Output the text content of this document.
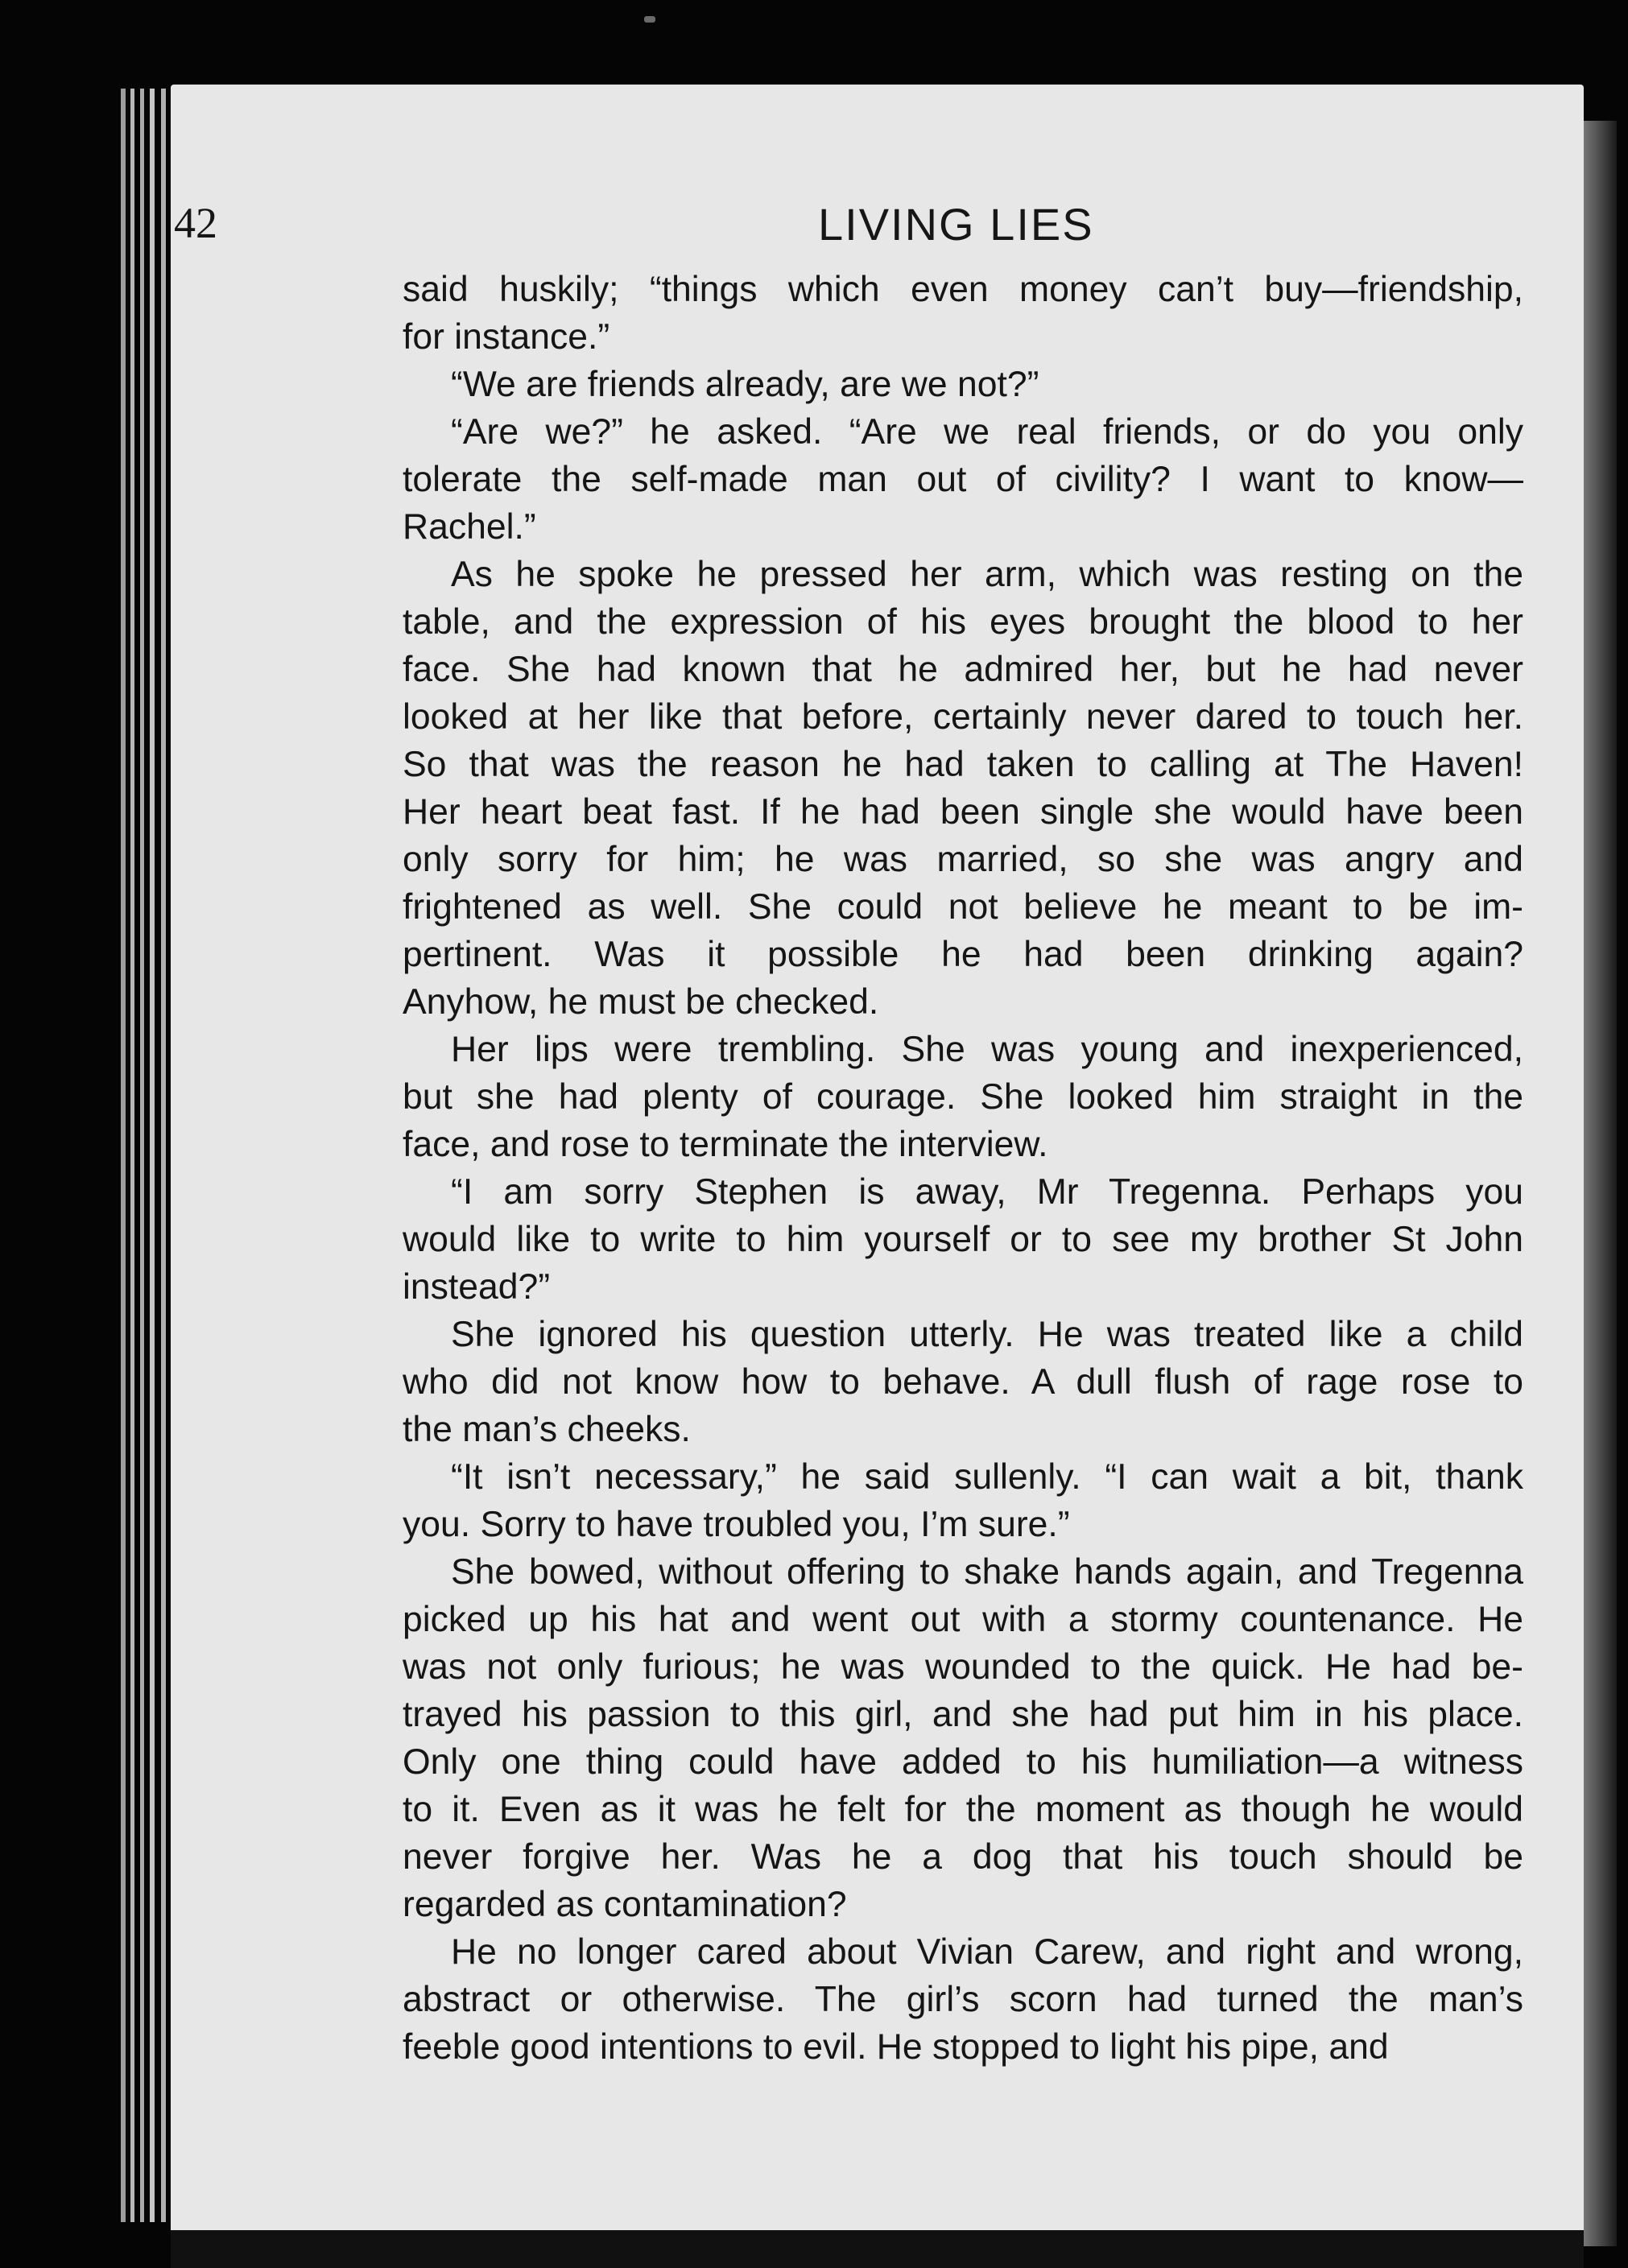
42	LIVING LIES
said huskily; “things which even money can’t buy—friendship,
for instance.”
“We are friends already, are we not?”
“Are we?” he asked. “Are we real friends, or do you only
tolerate the self-made man out of civility? I want to know—
Rachel.”
As he spoke he pressed her arm, which was resting on the
table, and the expression of his eyes brought the blood to her
face. She had known that he admired her, but he had never
looked at her like that before, certainly never dared to touch her.
So that was the reason he had taken to calling at The Haven!
Her heart beat fast. If he had been single she would have been
only sorry for him; he was married, so she was angry and
frightened as well. She could not believe he meant to be im-
pertinent. Was it possible he had been drinking again?
Anyhow, he must be checked.
Her lips were trembling. She was young and inexperienced,
but she had plenty of courage. She looked him straight in the
face, and rose to terminate the interview.
“I am sorry Stephen is away, Mr Tregenna. Perhaps you
would like to write to him yourself or to see my brother St John
instead?”
She ignored his question utterly. He was treated like a child
who did not know how to behave. A dull flush of rage rose to
the man’s cheeks.
“It isn’t necessary,” he said sullenly. “I can wait a bit, thank
you. Sorry to have troubled you, I’m sure.”
She bowed, without offering to shake hands again, and Tregenna
picked up his hat and went out with a stormy countenance. He
was not only furious; he was wounded to the quick. He had be-
trayed his passion to this girl, and she had put him in his place.
Only one thing could have added to his humiliation—a witness
to it. Even as it was he felt for the moment as though he would
never forgive her. Was he a dog that his touch should be
regarded as contamination?
He no longer cared about Vivian Carew, and right and wrong,
abstract or otherwise. The girl’s scorn had turned the man’s
feeble good intentions to evil. He stopped to light his pipe, and
